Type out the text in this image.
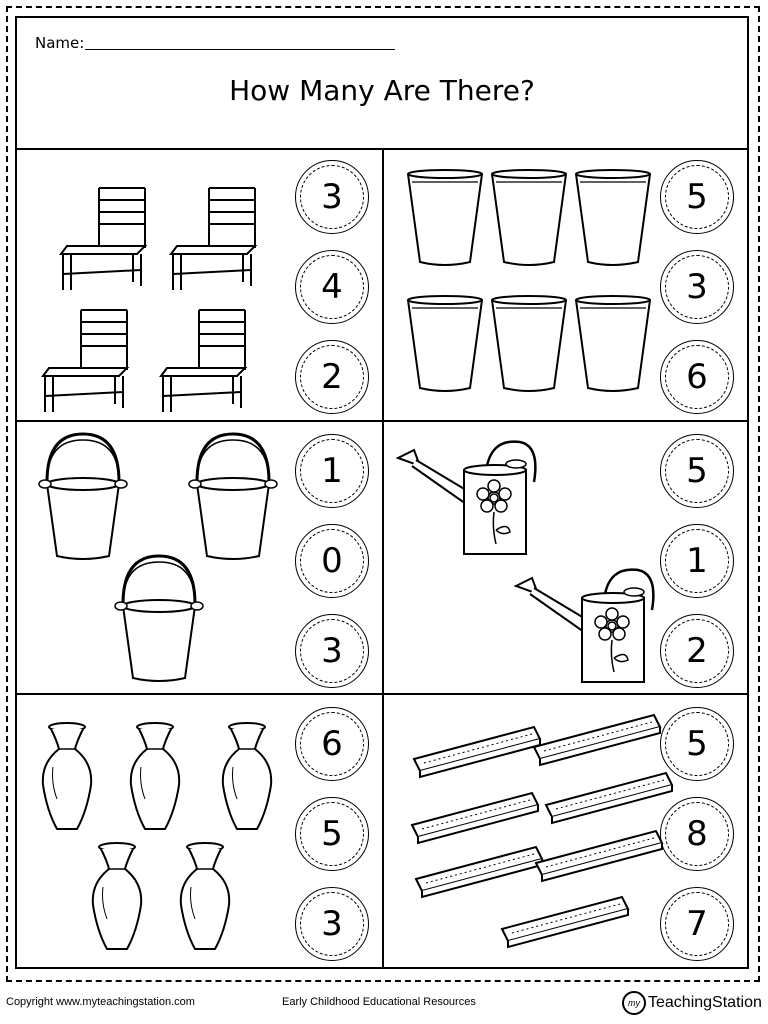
Name:
How Many Are There?
3
4
2
5
3
6
1
0
3
5
1
2
6
5
3
5
8
7
Copyright www.myteachingstation.com	Early Childhood Educational Resources	my TeachingStation
